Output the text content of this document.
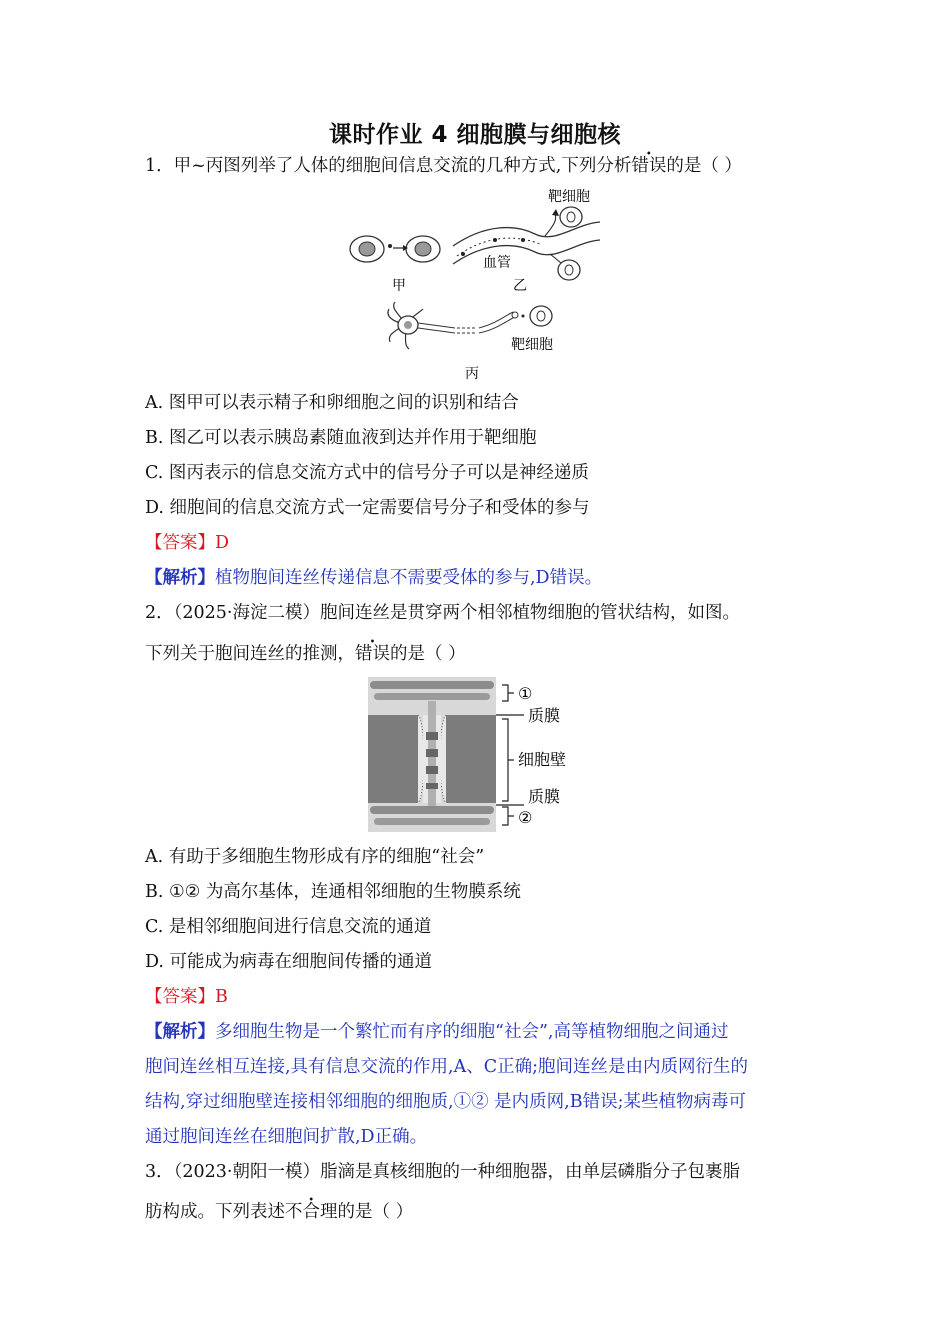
课时作业 4 细胞膜与细胞核
1．甲~丙图列举了人体的细胞间信息交流的几种方式,下列分析错误的是（ ）
甲	乙
丙
靶细胞
血管
靶细胞
A. 图甲可以表示精子和卵细胞之间的识别和结合
B. 图乙可以表示胰岛素随血液到达并作用于靶细胞
C. 图丙表示的信息交流方式中的信号分子可以是神经递质
D. 细胞间的信息交流方式一定需要信号分子和受体的参与
【答案】D
【解析】植物胞间连丝传递信息不需要受体的参与,D错误。
2．（2025·海淀二模）胞间连丝是贯穿两个相邻植物细胞的管状结构，如图。
下列关于胞间连丝的推测，错误的是（ ）
①
质膜
细胞壁
质膜
②
A. 有助于多细胞生物形成有序的细胞“社会”
B. ①② 为高尔基体，连通相邻细胞的生物膜系统
C. 是相邻细胞间进行信息交流的通道
D. 可能成为病毒在细胞间传播的通道
【答案】B
【解析】多细胞生物是一个繁忙而有序的细胞“社会”,高等植物细胞之间通过
胞间连丝相互连接,具有信息交流的作用,A、C正确;胞间连丝是由内质网衍生的
结构,穿过细胞壁连接相邻细胞的细胞质,①② 是内质网,B错误;某些植物病毒可
通过胞间连丝在细胞间扩散,D正确。
3．（2023·朝阳一模）脂滴是真核细胞的一种细胞器，由单层磷脂分子包裹脂
肪构成。下列表述不合理的是（ ）
